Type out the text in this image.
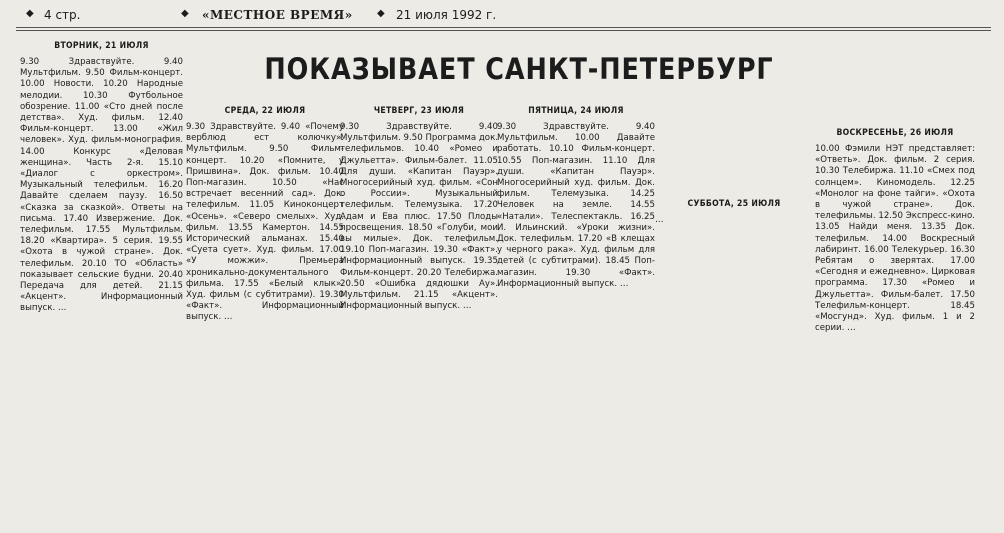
◆ 4 стр.	◆ «МЕСТНОЕ ВРЕМЯ» ◆ 21 июля 1992 г.
ПОКАЗЫВАЕТ САНКТ-ПЕТЕРБУРГ
ВТОРНИК, 21 ИЮЛЯ
9.30 Здравствуйте. 9.40 Мультфильм. 9.50 Фильм-концерт. 10.00 Новости. 10.20 Народные мелодии. 10.30 Футбольное обозрение. 11.00 «Сто дней после детства». Худ. фильм. 12.40 Фильм-концерт. 13.00 «Жил человек». Худ. фильм-монография. 14.00 Конкурс «Деловая женщина». Часть 2-я. 15.10 «Диалог с оркестром». Музыкальный телефильм. 16.20 Давайте сделаем паузу. 16.50 «Сказка за сказкой». Ответы на письма. 17.40 Извержение. Док. телефильм. 17.55 Мультфильм. 18.20 «Квартира». 5 серия. 19.55 «Охота в чужой стране». Док. телефильм. 20.10 ТО «Область» показывает сельские будни. 20.40 Передача для детей. 21.15 «Акцент». Информационный выпуск. …
СРЕДА, 22 ИЮЛЯ
9.30 Здравствуйте. 9.40 «Почему верблюд ест колючку». Мультфильм. 9.50 Фильм-концерт. 10.20 «Помните, у Пришвина». Док. фильм. 10.40 Поп-магазин. 10.50 «Нас встречает весенний сад». Док. телефильм. 11.05 Киноконцерт «Осень». «Северо смелых». Худ. фильм. 13.55 Камертон. 14.55 Исторический альманах. 15.40 «Суета сует». Худ. фильм. 17.00 «У можжи». Премьера хроникально-документального фильма. 17.55 «Белый клык». Худ. фильм (с субтитрами). 19.30 «Факт». Информационный выпуск. …
ЧЕТВЕРГ, 23 ИЮЛЯ
9.30 Здравствуйте. 9.40 Мультфильм. 9.50 Программа док. телефильмов. 10.40 «Ромео и Джульетта». Фильм-балет. 11.05 Для души. «Капитан Пауэр». Многосерийный худ. фильм. «Сон о России». Музыкальный телефильм. Телемузыка. 17.20 Адам и Ева плюс. 17.50 Плоды просвещения. 18.50 «Голуби, мои вы милые». Док. телефильм. 19.10 Поп-магазин. 19.30 «Факт». Информационный выпуск. 19.35 Фильм-концерт. 20.20 Телебиржа. 20.50 «Ошибка дядюшки Ау». Мультфильм. 21.15 «Акцент». Информационный выпуск. …
ПЯТНИЦА, 24 ИЮЛЯ
9.30 Здравствуйте. 9.40 Мультфильм. 10.00 Давайте работать. 10.10 Фильм-концерт. 10.55 Поп-магазин. 11.10 Для души. «Капитан Пауэр». Многосерийный худ. фильм. Док. фильм. Телемузыка. 14.25 Человек на земле. 14.55 «Натали». Телеспектакль. 16.25 И. Ильинский. «Уроки жизни». Док. телефильм. 17.20 «В клещах у черного рака». Худ. фильм для детей (с субтитрами). 18.45 Поп-магазин. 19.30 «Факт». Информационный выпуск. …
СУББОТА, 25 ИЮЛЯ
…
ВОСКРЕСЕНЬЕ, 26 ИЮЛЯ
10.00 Фэмили НЭТ представляет: «Ответь». Док. фильм. 2 серия. 10.30 Телебиржа. 11.10 «Смех под солнцем». Киномодель. 12.25 «Монолог на фоне тайги». «Охота в чужой стране». Док. телефильмы. 12.50 Экспресс-кино. 13.05 Найди меня. 13.35 Док. телефильм. 14.00 Воскресный лабиринт. 16.00 Телекурьер. 16.30 Ребятам о зверятах. 17.00 «Сегодня и ежедневно». Цирковая программа. 17.30 «Ромео и Джульетта». Фильм-балет. 17.50 Телефильм-концерт. 18.45 «Мосгунд». Худ. фильм. 1 и 2 серии. …
